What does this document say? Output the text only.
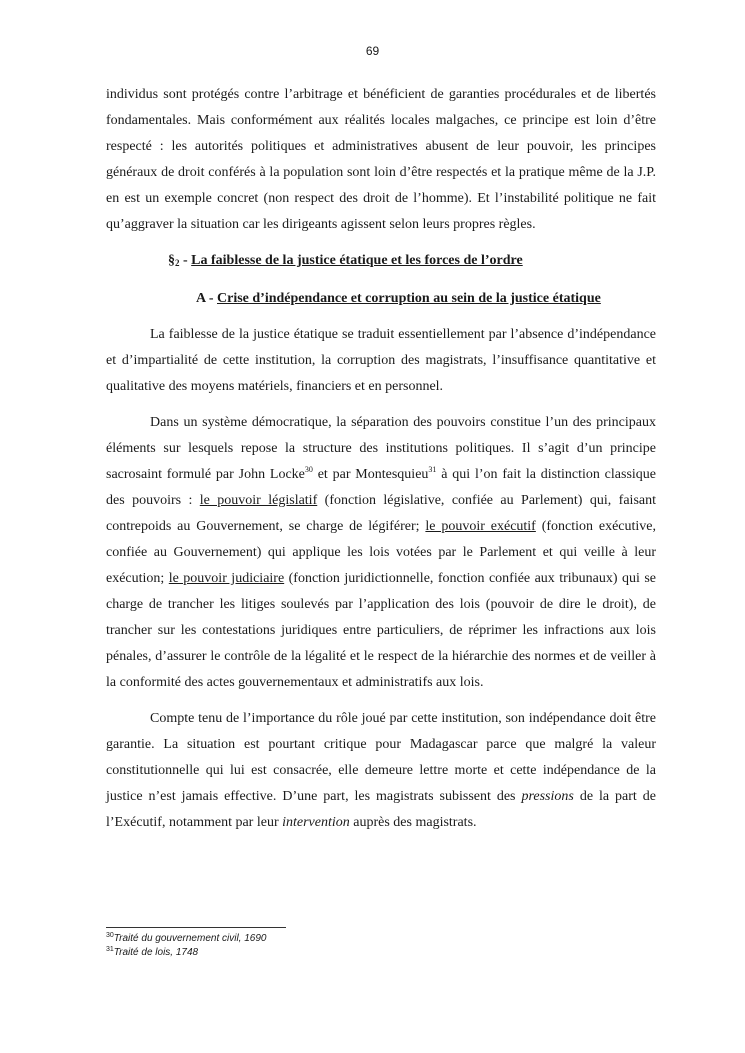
69

individus sont protégés contre l’arbitrage et bénéficient de garanties procédurales et de libertés fondamentales. Mais conformément aux réalités locales malgaches, ce principe est loin d’être respecté : les autorités politiques et administratives abusent de leur pouvoir, les principes généraux de droit conférés à la population sont loin d’être respectés et la pratique même de la J.P. en est un exemple concret (non respect des droit de l’homme). Et l’instabilité politique ne fait qu’aggraver la situation car les dirigeants agissent selon leurs propres règles.

$\S_2$ - La faiblesse de la justice étatique et les forces de l’ordre

A - Crise d’indépendance et corruption au sein de la justice étatique

La faiblesse de la justice étatique se traduit essentiellement par l’absence d’indépendance et d’impartialité de cette institution, la corruption des magistrats, l’insuffisance quantitative et qualitative des moyens matériels, financiers et en personnel.

Dans un système démocratique, la séparation des pouvoirs constitue l’un des principaux éléments sur lesquels repose la structure des institutions politiques. Il s’agit d’un principe sacrosaint formulé par John Locke$^{30}$ et par Montesquieu$^{31}$ à qui l’on fait la distinction classique des pouvoirs : le pouvoir législatif (fonction législative, confiée au Parlement) qui, faisant contrepoids au Gouvernement, se charge de légiférer; le pouvoir exécutif (fonction exécutive, confiée au Gouvernement) qui applique les lois votées par le Parlement et qui veille à leur exécution; le pouvoir judiciaire (fonction juridictionnelle, fonction confiée aux tribunaux) qui se charge de trancher les litiges soulevés par l’application des lois (pouvoir de dire le droit), de trancher sur les contestations juridiques entre particuliers, de réprimer les infractions aux lois pénales, d’assurer le contrôle de la légalité et le respect de la hiérarchie des normes et de veiller à la conformité des actes gouvernementaux et administratifs aux lois.

Compte tenu de l’importance du rôle joué par cette institution, son indépendance doit être garantie. La situation est pourtant critique pour Madagascar parce que malgré la valeur constitutionnelle qui lui est consacrée, elle demeure lettre morte et cette indépendance de la justice n’est jamais effective. D’une part, les magistrats subissent des pressions de la part de l’Exécutif, notamment par leur intervention auprès des magistrats.

$^{30}$Traité du gouvernement civil, 1690
$^{31}$Traité de lois, 1748
